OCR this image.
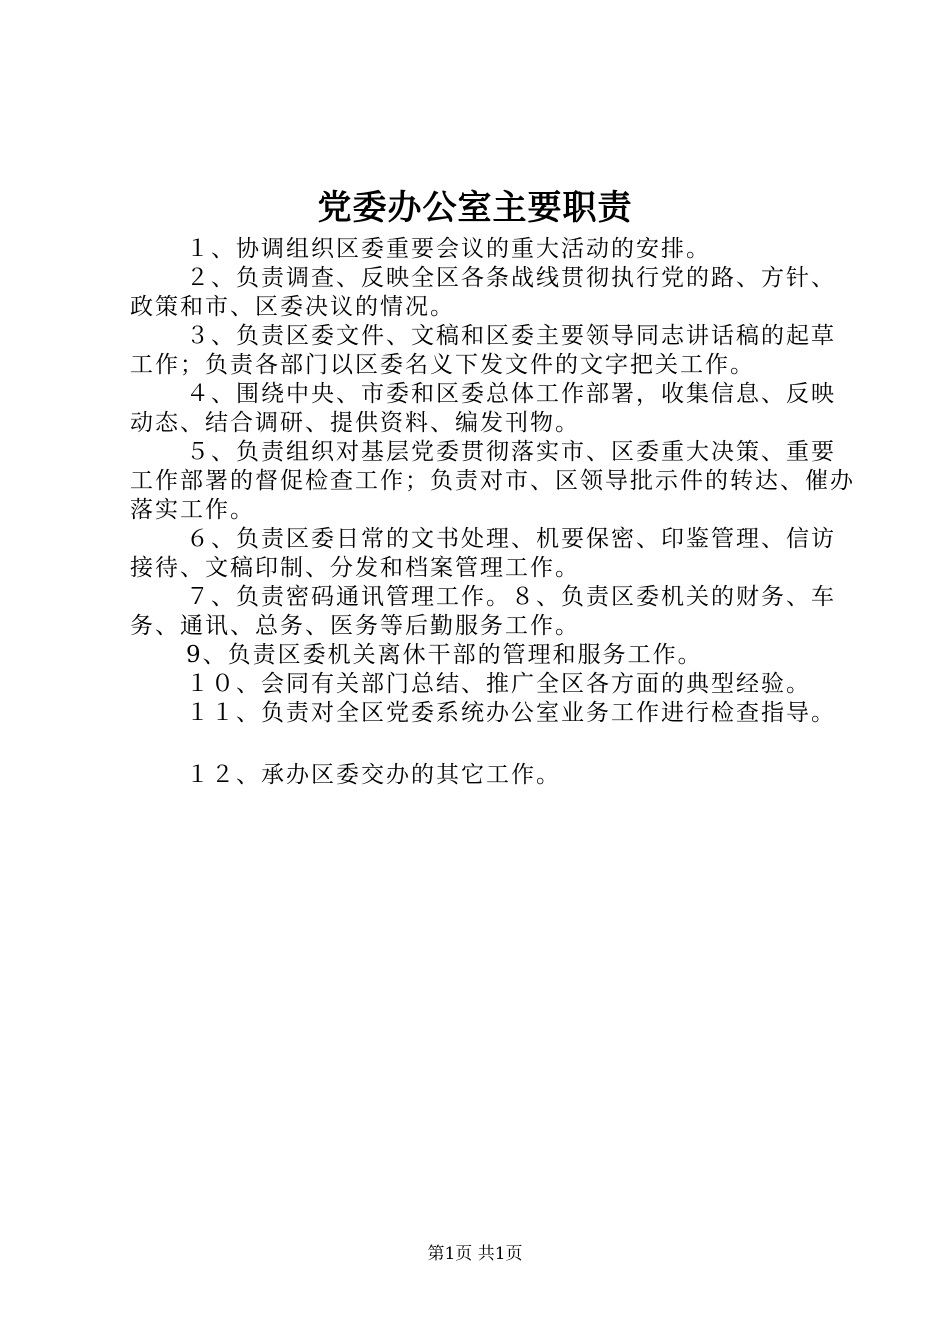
党委办公室主要职责

１、协调组织区委重要会议的重大活动的安排。

２、负责调查、反映全区各条战线贯彻执行党的路、方针、政策和市、区委决议的情况。

３、负责区委文件、文稿和区委主要领导同志讲话稿的起草工作；负责各部门以区委名义下发文件的文字把关工作。

４、围绕中央、市委和区委总体工作部署，收集信息、反映动态、结合调研、提供资料、编发刊物。

５、负责组织对基层党委贯彻落实市、区委重大决策、重要工作部署的督促检查工作；负责对市、区领导批示件的转达、催办落实工作。

６、负责区委日常的文书处理、机要保密、印鉴管理、信访接待、文稿印制、分发和档案管理工作。

７、负责密码通讯管理工作。８、负责区委机关的财务、车务、通讯、总务、医务等后勤服务工作。

9、负责区委机关离休干部的管理和服务工作。

１０、会同有关部门总结、推广全区各方面的典型经验。

１１、负责对全区党委系统办公室业务工作进行检查指导。

１２、承办区委交办的其它工作。

第1页 共1页
